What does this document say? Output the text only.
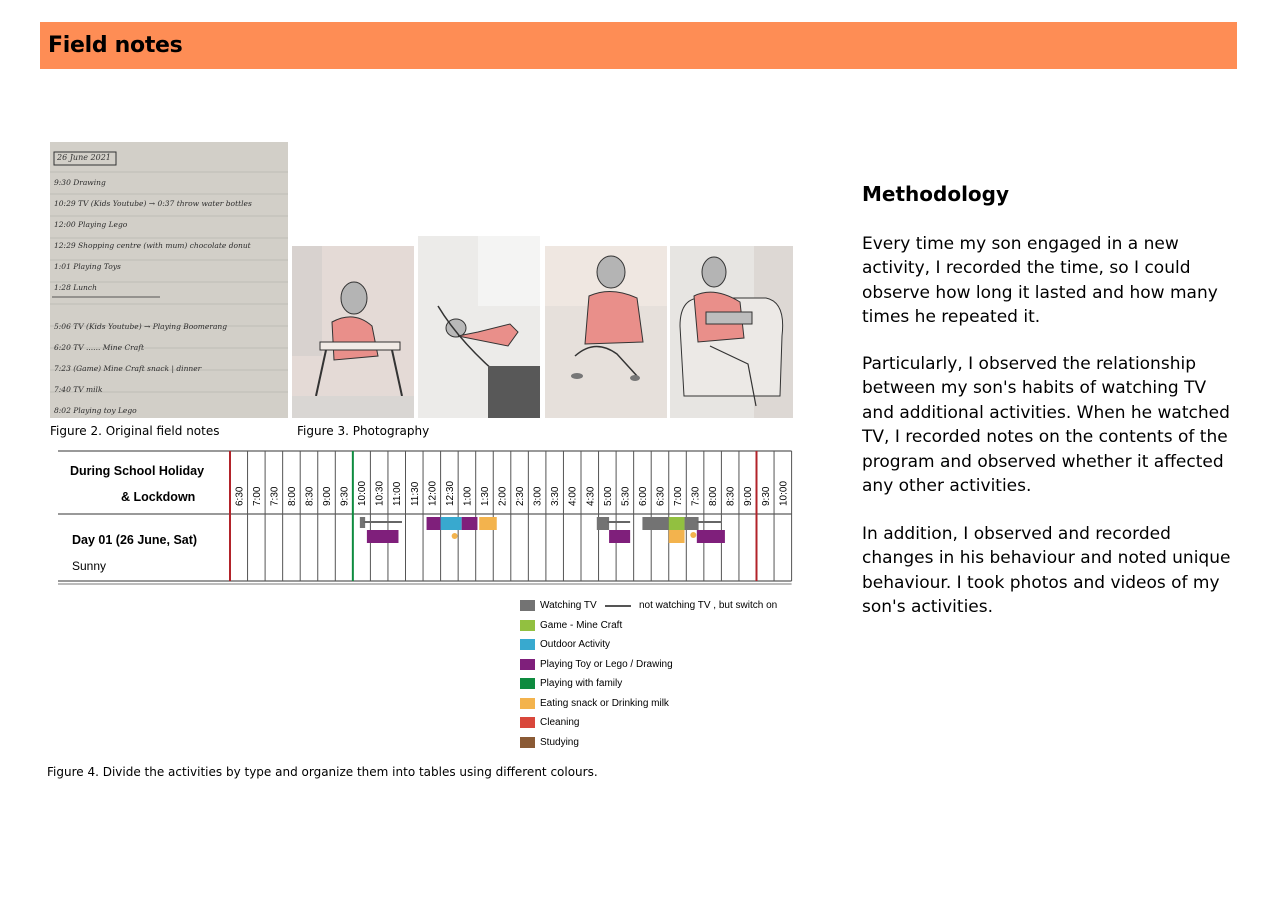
Field notes
26 June 2021
9:30 Drawing
10:29 TV (Kids Youtube) → 0:37 throw water bottles
12:00 Playing Lego
12:29 Shopping centre (with mum) chocolate donut
1:01 Playing Toys
1:28 Lunch
5:06 TV (Kids Youtube) → Playing Boomerang
6:20 TV ...... Mine Craft
7:23 (Game) Mine Craft snack | dinner
7:40 TV milk
8:02 Playing toy Lego
Figure 2. Original field notes	Figure 3. Photography
6:30 7:00 7:30 8:00 8:30 9:00 9:30 10:00 10:30 11:00 11:30 12:00 12:30 1:00 1:30 2:00 2:30 3:00 3:30 4:00 4:30 5:00 5:30 6:00 6:30 7:00 7:30 8:00 8:30 9:00 9:30 10:00
During School Holiday
& Lockdown
Day 01 (26 June, Sat)
Sunny
Watching TV	not watching TV , but switch on
Game - Mine Craft
Outdoor Activity
Playing Toy or Lego / Drawing
Playing with family
Eating snack or Drinking milk
Cleaning
Studying
Figure 4. Divide the activities by type and organize them into tables using different colours.
Methodology

Every time my son engaged in a new activity, I recorded the time, so I could observe how long it lasted and how many times he repeated it.

Particularly, I observed the relationship between my son's habits of watching TV and additional activities. When he watched TV, I recorded notes on the contents of the program and observed whether it affected any other activities.

In addition, I observed and recorded changes in his behaviour and noted unique behaviour. I took photos and videos of my son's activities.
